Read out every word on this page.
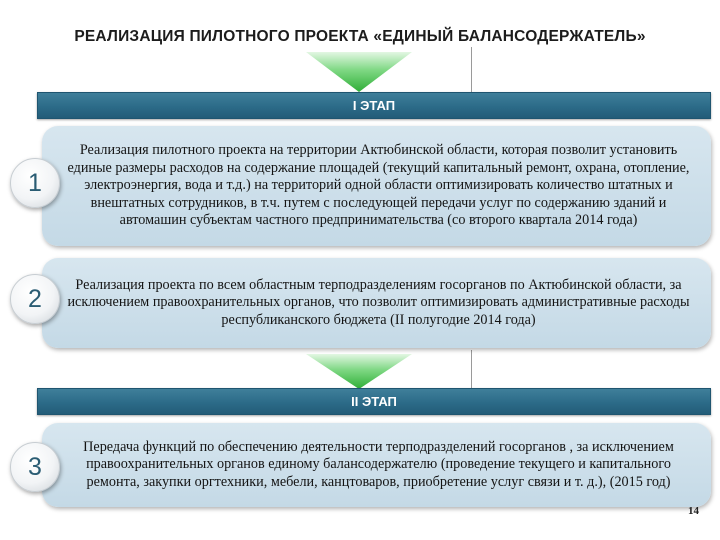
РЕАЛИЗАЦИЯ ПИЛОТНОГО ПРОЕКТА «ЕДИНЫЙ БАЛАНСОДЕРЖАТЕЛЬ»
I ЭТАП
Реализация пилотного проекта на территории Актюбинской области, которая позволит установить единые размеры расходов на содержание площадей (текущий капитальный ремонт, охрана, отопление, электроэнергия, вода и т.д.) на территорий одной области оптимизировать количество штатных и внештатных сотрудников, в т.ч. путем с последующей передачи услуг по содержанию зданий и автомашин субъектам частного предпринимательства (со второго квартала 2014 года)
1
Реализация проекта по всем областным терподразделениям госорганов по Актюбинской области, за исключением правоохранительных органов, что позволит оптимизировать административные расходы республиканского бюджета (II полугодие 2014 года)
2
II ЭТАП
Передача функций по обеспечению деятельности терподразделений госорганов , за исключением правоохранительных органов единому балансодержателю (проведение текущего и капитального ремонта, закупки оргтехники, мебели, канцтоваров, приобретение услуг связи и т. д.), (2015 год)
3
14
